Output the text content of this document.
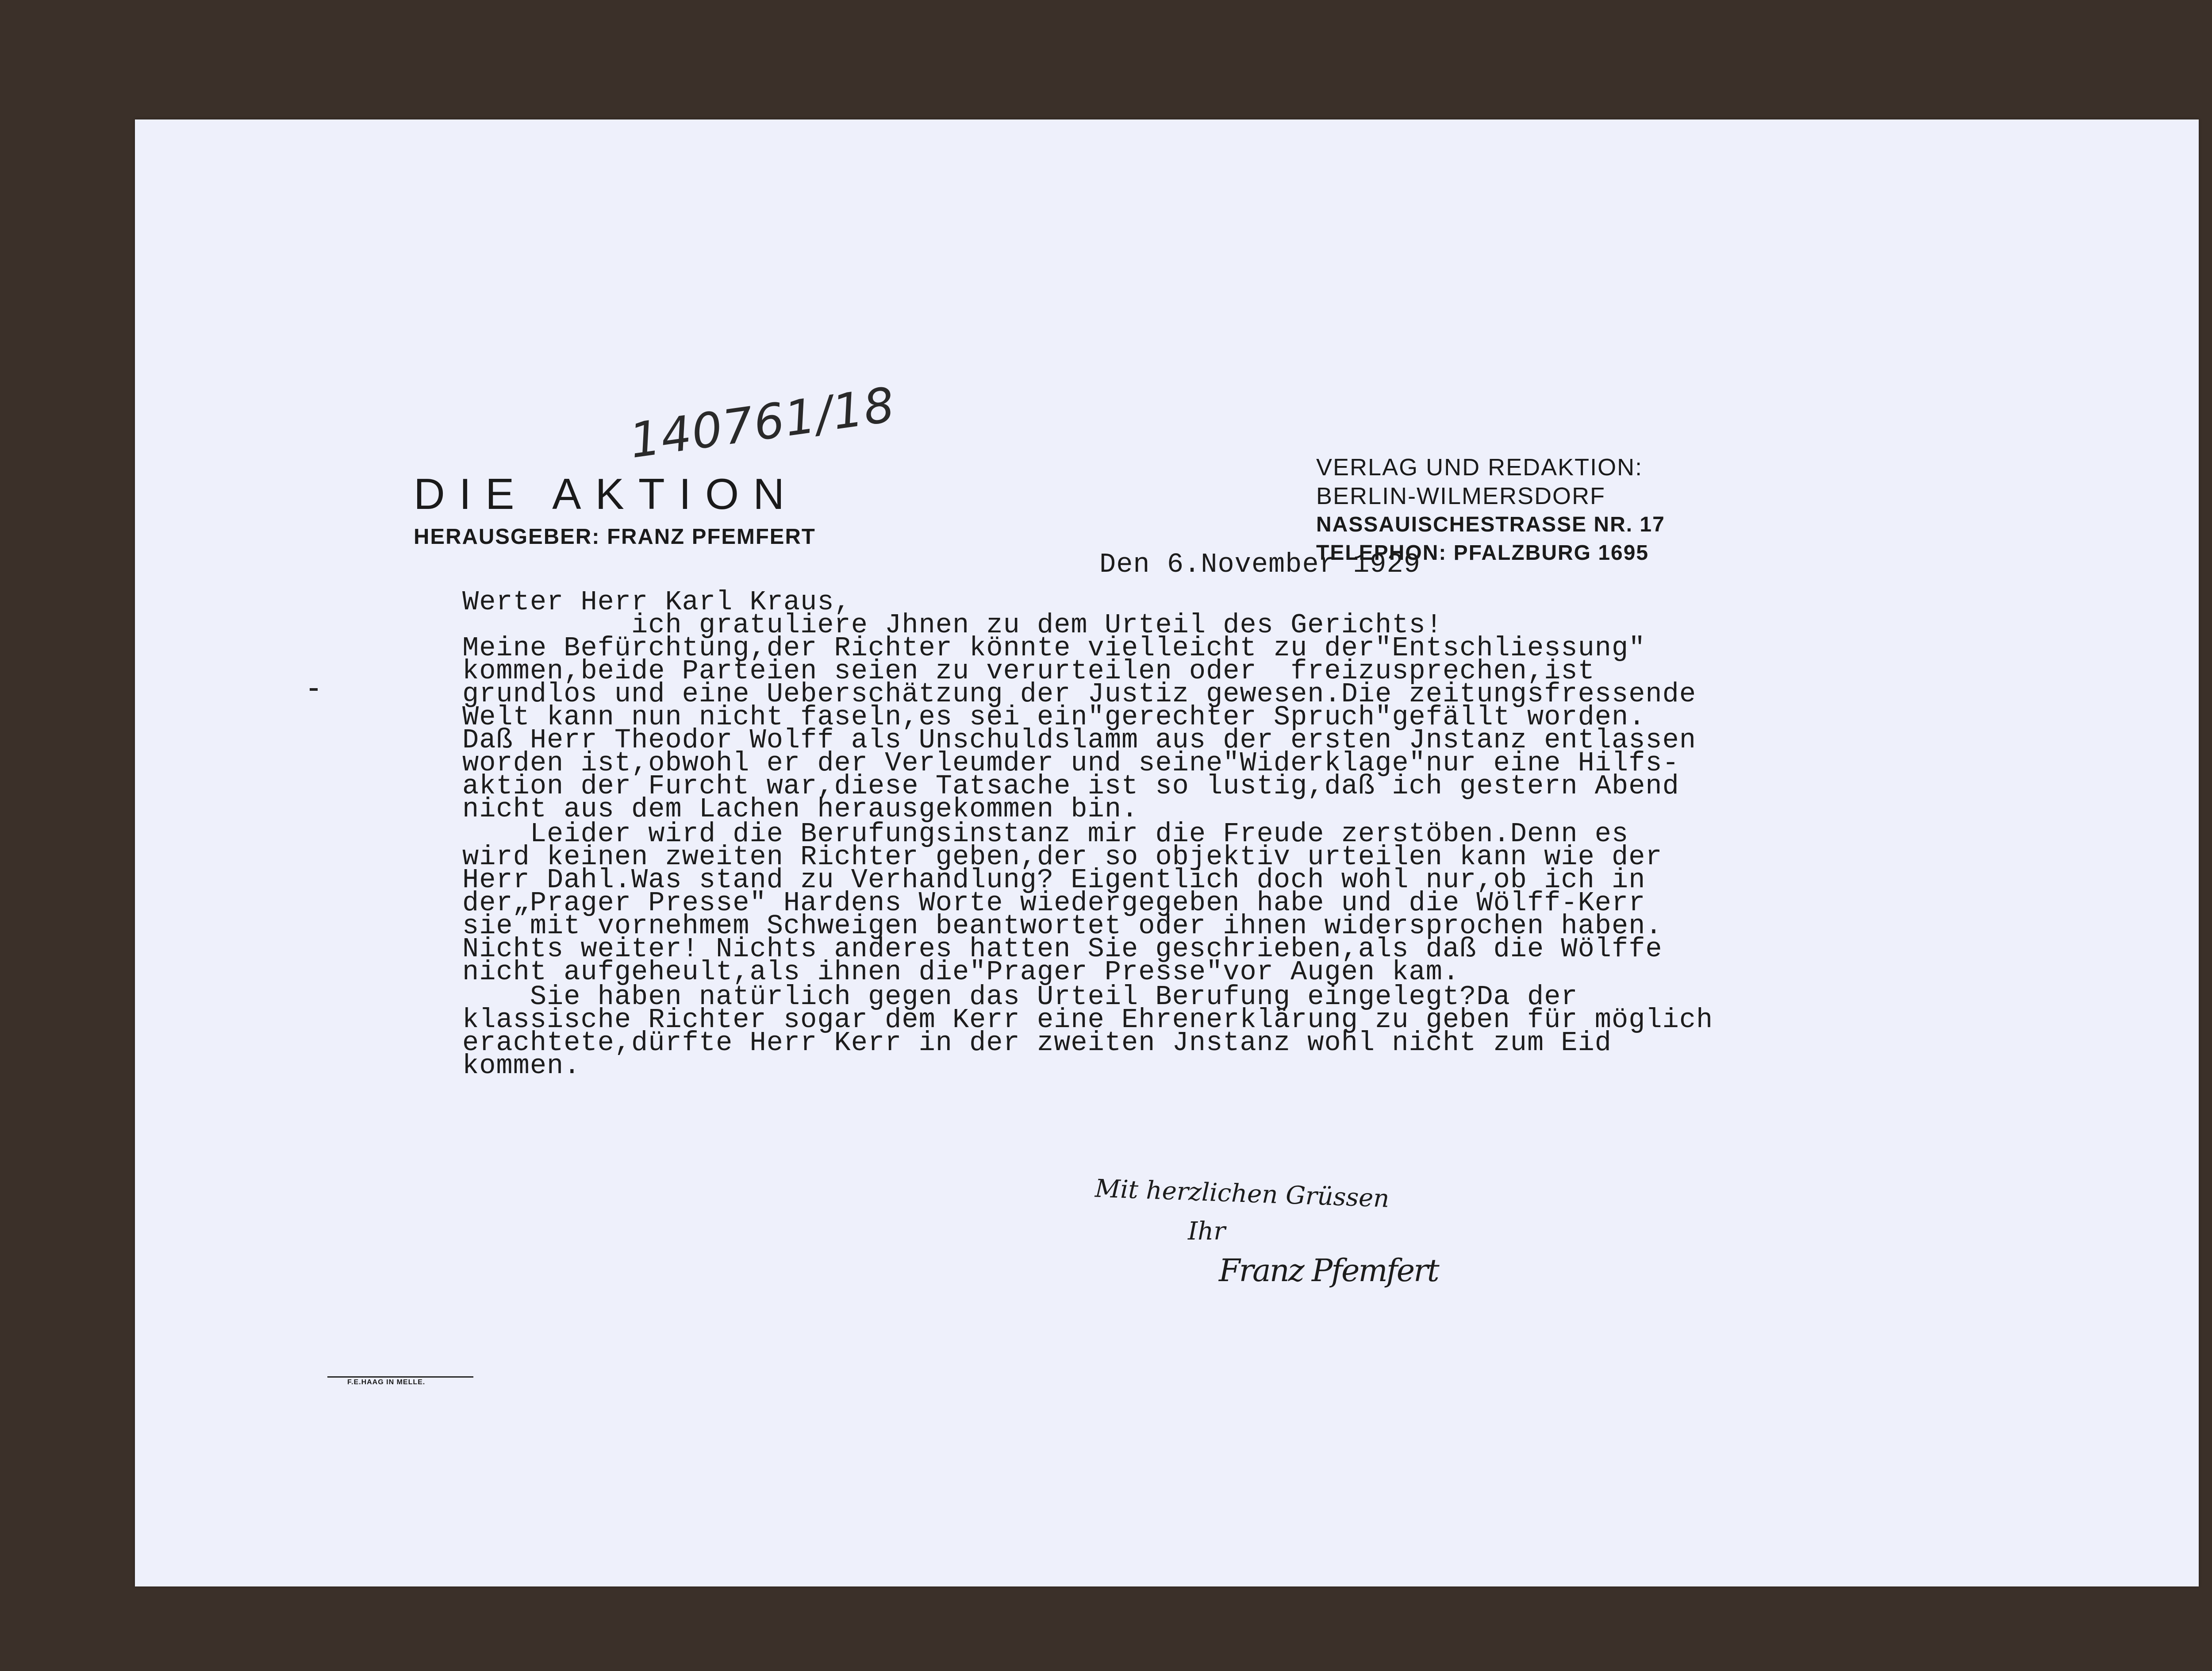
140761/18
DIE AKTION
HERAUSGEBER: FRANZ PFEMFERT
VERLAG UND REDAKTION:
BERLIN-WILMERSDORF
NASSAUISCHESTRASSE NR. 17
TELEPHON: PFALZBURG 1695
Den 6.November 1929
Werter Herr Karl Kraus,
ich gratuliere Jhnen zu dem Urteil des Gerichts!
Meine Befürchtung,der Richter könnte vielleicht zu der"Entschliessung"
kommen,beide Parteien seien zu verurteilen oder  freizusprechen,ist
grundlos und eine Ueberschätzung der Justiz gewesen.Die zeitungsfressende
Welt kann nun nicht faseln,es sei ein"gerechter Spruch"gefällt worden.
Daß Herr Theodor Wolff als Unschuldslamm aus der ersten Jnstanz entlassen
worden ist,obwohl er der Verleumder und seine"Widerklage"nur eine Hilfs-
aktion der Furcht war,diese Tatsache ist so lustig,daß ich gestern Abend
nicht aus dem Lachen herausgekommen bin.
Leider wird die Berufungsinstanz mir die Freude zerstöben.Denn es
wird keinen zweiten Richter geben,der so objektiv urteilen kann wie der
Herr Dahl.Was stand zu Verhandlung? Eigentlich doch wohl nur,ob ich in
der„Prager Presse" Hardens Worte wiedergegeben habe und die Wölff-Kerr
sie mit vornehmem Schweigen beantwortet oder ihnen widersprochen haben.
Nichts weiter! Nichts anderes hatten Sie geschrieben,als daß die Wölffe
nicht aufgeheult,als ihnen die"Prager Presse"vor Augen kam.
Sie haben natürlich gegen das Urteil Berufung eingelegt?Da der
klassische Richter sogar dem Kerr eine Ehrenerklärung zu geben für möglich
erachtete,dürfte Herr Kerr in der zweiten Jnstanz wohl nicht zum Eid
kommen.
Mit herzlichen Grüssen
Ihr
Franz Pfemfert
F.E.HAAG IN MELLE.
